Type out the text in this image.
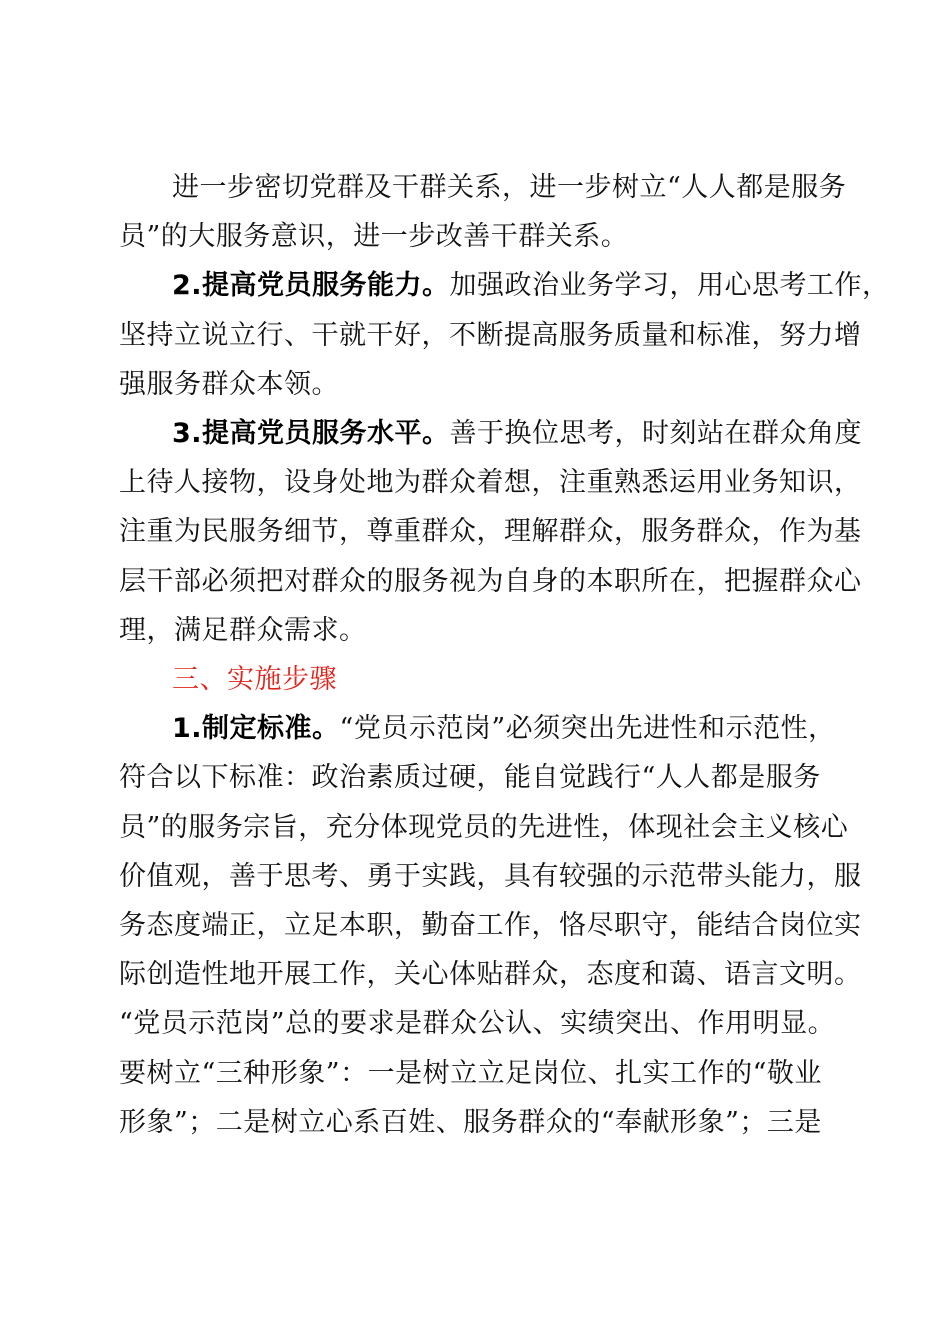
进一步密切党群及干群关系，进一步树立“人人都是服务
员”的大服务意识，进一步改善干群关系。
2.提高党员服务能力。加强政治业务学习，用心思考工作，
坚持立说立行、干就干好，不断提高服务质量和标准，努力增
强服务群众本领。
3.提高党员服务水平。善于换位思考，时刻站在群众角度
上待人接物，设身处地为群众着想，注重熟悉运用业务知识，
注重为民服务细节，尊重群众，理解群众，服务群众，作为基
层干部必须把对群众的服务视为自身的本职所在，把握群众心
理，满足群众需求。
三、实施步骤
1.制定标准。“党员示范岗”必须突出先进性和示范性，
符合以下标准：政治素质过硬，能自觉践行“人人都是服务
员”的服务宗旨，充分体现党员的先进性，体现社会主义核心
价值观，善于思考、勇于实践，具有较强的示范带头能力，服
务态度端正，立足本职，勤奋工作，恪尽职守，能结合岗位实
际创造性地开展工作，关心体贴群众，态度和蔼、语言文明。
“党员示范岗”总的要求是群众公认、实绩突出、作用明显。
要树立“三种形象”：一是树立立足岗位、扎实工作的“敬业
形象”；二是树立心系百姓、服务群众的“奉献形象”；三是
